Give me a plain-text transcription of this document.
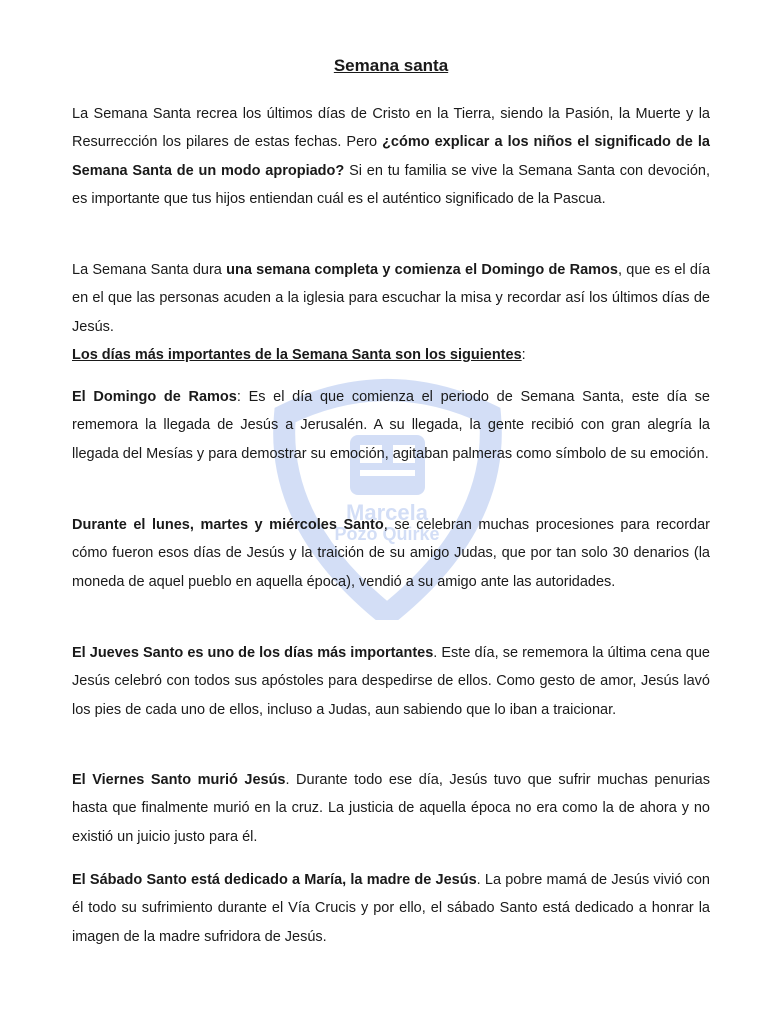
Marcela
Pozo Quirke
Semana santa

La Semana Santa recrea los últimos días de Cristo en la Tierra, siendo la Pasión, la Muerte y la Resurrección los pilares de estas fechas. Pero ¿cómo explicar a los niños el significado de la Semana Santa de un modo apropiado? Si en tu familia se vive la Semana Santa con devoción, es importante que tus hijos entiendan cuál es el auténtico significado de la Pascua.

La Semana Santa dura una semana completa y comienza el Domingo de Ramos, que es el día en el que las personas acuden a la iglesia para escuchar la misa y recordar así los últimos días de Jesús.

Los días más importantes de la Semana Santa son los siguientes:

El Domingo de Ramos: Es el día que comienza el periodo de Semana Santa, este día se rememora la llegada de Jesús a Jerusalén. A su llegada, la gente recibió con gran alegría la llegada del Mesías y para demostrar su emoción, agitaban palmeras como símbolo de su emoción.

Durante el lunes, martes y miércoles Santo, se celebran muchas procesiones para recordar cómo fueron esos días de Jesús y la traición de su amigo Judas, que por tan solo 30 denarios (la moneda de aquel pueblo en aquella época), vendió a su amigo ante las autoridades.

El Jueves Santo es uno de los días más importantes. Este día, se rememora la última cena que Jesús celebró con todos sus apóstoles para despedirse de ellos. Como gesto de amor, Jesús lavó los pies de cada uno de ellos, incluso a Judas, aun sabiendo que lo iban a traicionar.

El Viernes Santo murió Jesús. Durante todo ese día, Jesús tuvo que sufrir muchas penurias hasta que finalmente murió en la cruz. La justicia de aquella época no era como la de ahora y no existió un juicio justo para él.

El Sábado Santo está dedicado a María, la madre de Jesús. La pobre mamá de Jesús vivió con él todo su sufrimiento durante el Vía Crucis y por ello, el sábado Santo está dedicado a honrar la imagen de la madre sufridora de Jesús.
